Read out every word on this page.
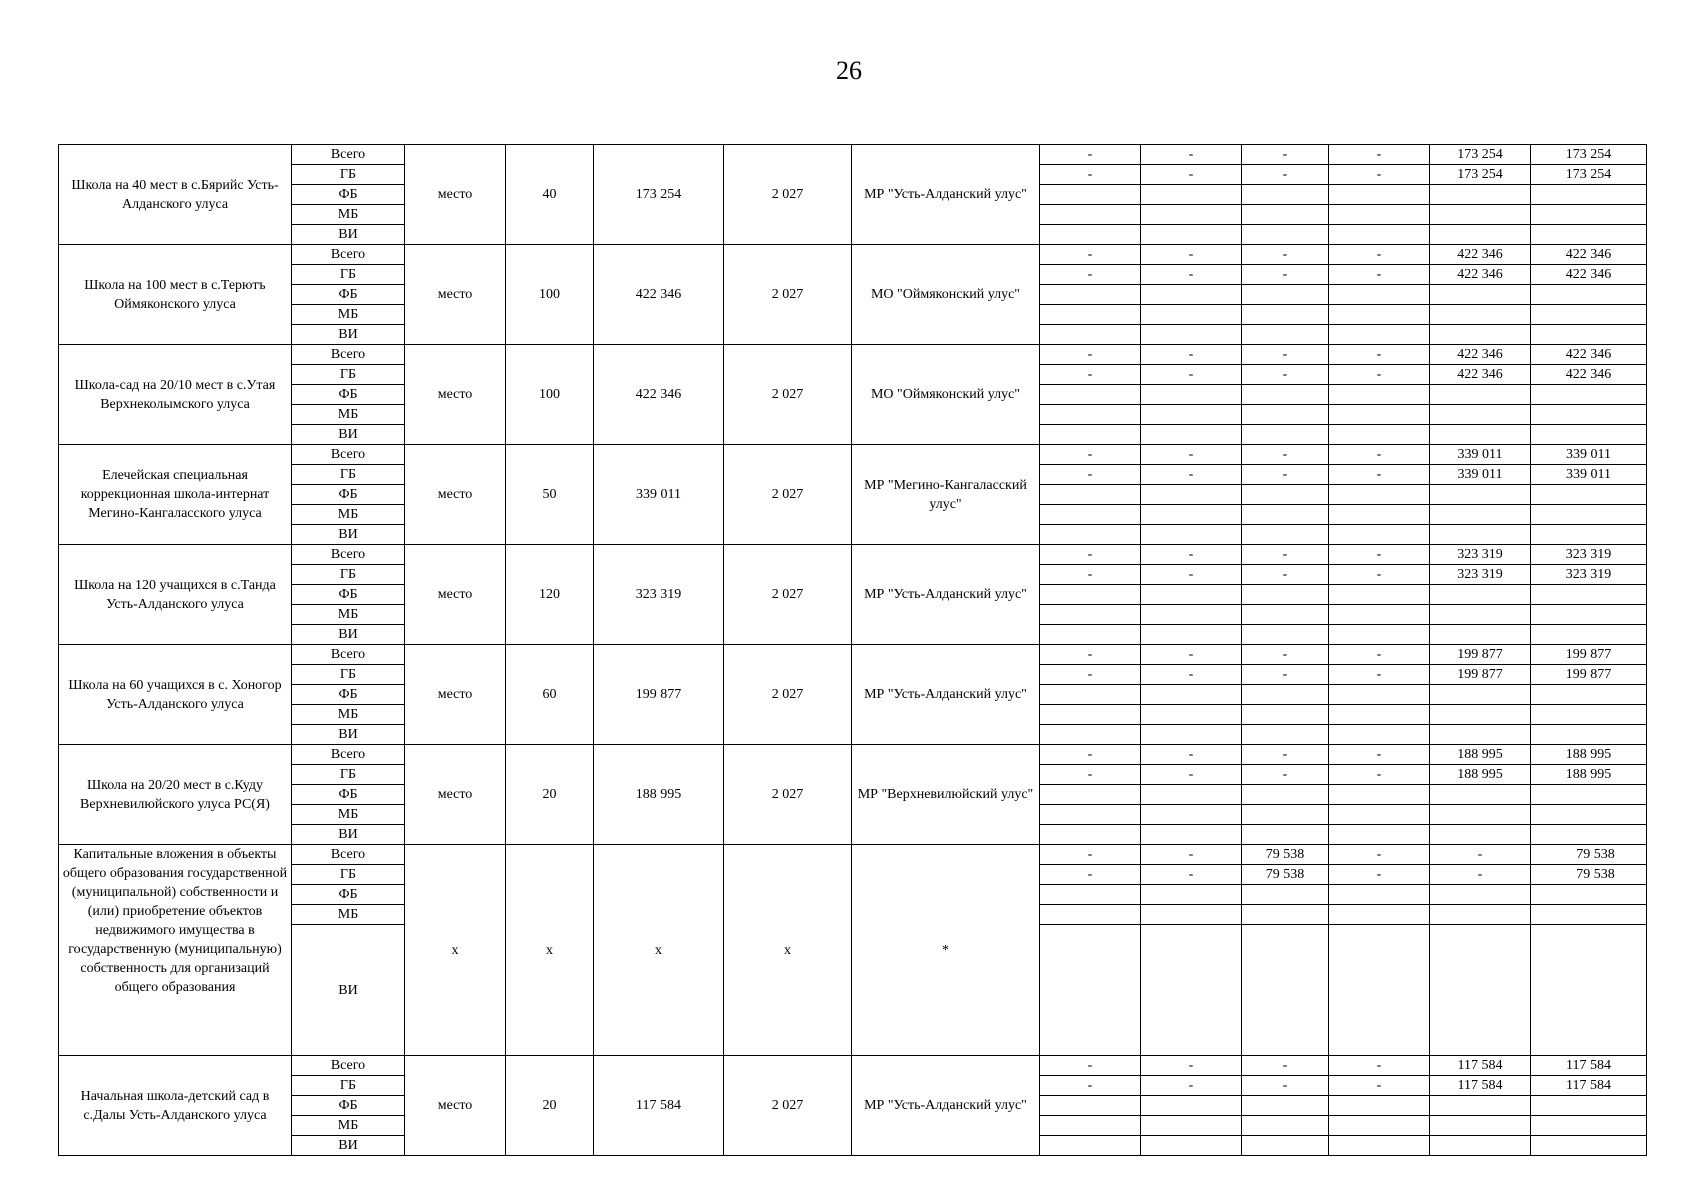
26
Школа на 40 мест в с.Бярийс Усть-Алданского улуса	Всего	место	40	173 254	2 027	МР "Усть-Алданский улус"	-	-	-	-	173 254	173 254
	ГБ						-	-	-	-	173 254	173 254
	ФБ											
	МБ											
	ВИ											
Школа на 100 мест в с.Терютъ Оймяконского улуса	Всего	место	100	422 346	2 027	МО "Оймяконский улус"	-	-	-	-	422 346	422 346
	ГБ						-	-	-	-	422 346	422 346
	ФБ											
	МБ											
	ВИ											
Школа-сад на 20/10 мест в с.Утая Верхнеколымского улуса	Всего	место	100	422 346	2 027	МО "Оймяконский улус"	-	-	-	-	422 346	422 346
	ГБ						-	-	-	-	422 346	422 346
	ФБ											
	МБ											
	ВИ											
Елечейская специальная коррекционная школа-интернат Мегино-Кангаласского улуса	Всего	место	50	339 011	2 027	МР "Мегино-Кангаласский улус"	-	-	-	-	339 011	339 011
	ГБ						-	-	-	-	339 011	339 011
	ФБ											
	МБ											
	ВИ											
Школа на 120 учащихся в с.Танда Усть-Алданского улуса	Всего	место	120	323 319	2 027	МР "Усть-Алданский улус"	-	-	-	-	323 319	323 319
	ГБ						-	-	-	-	323 319	323 319
	ФБ											
	МБ											
	ВИ											
Школа на 60 учащихся в с. Хоногор Усть-Алданского улуса	Всего	место	60	199 877	2 027	МР "Усть-Алданский улус"	-	-	-	-	199 877	199 877
	ГБ						-	-	-	-	199 877	199 877
	ФБ											
	МБ											
	ВИ											
Школа на 20/20 мест в с.Куду Верхневилюйского улуса РС(Я)	Всего	место	20	188 995	2 027	МР "Верхневилюйский улус"	-	-	-	-	188 995	188 995
	ГБ						-	-	-	-	188 995	188 995
	ФБ											
	МБ											
	ВИ											
Капитальные вложения в объекты общего образования государственной (муниципальной) собственности и (или) приобретение объектов недвижимого имущества в государственную (муниципальную) собственность для организаций общего образования	Всего	х	х	х	х	*	-	-	79 538	-	-	79 538
	ГБ						-	-	79 538	-	-	79 538
	ФБ											
	МБ											
	ВИ											
Начальная школа-детский сад в с.Далы Усть-Алданского улуса	Всего	место	20	117 584	2 027	МР "Усть-Алданский улус"	-	-	-	-	117 584	117 584
	ГБ						-	-	-	-	117 584	117 584
	ФБ											
	МБ											
	ВИ											
